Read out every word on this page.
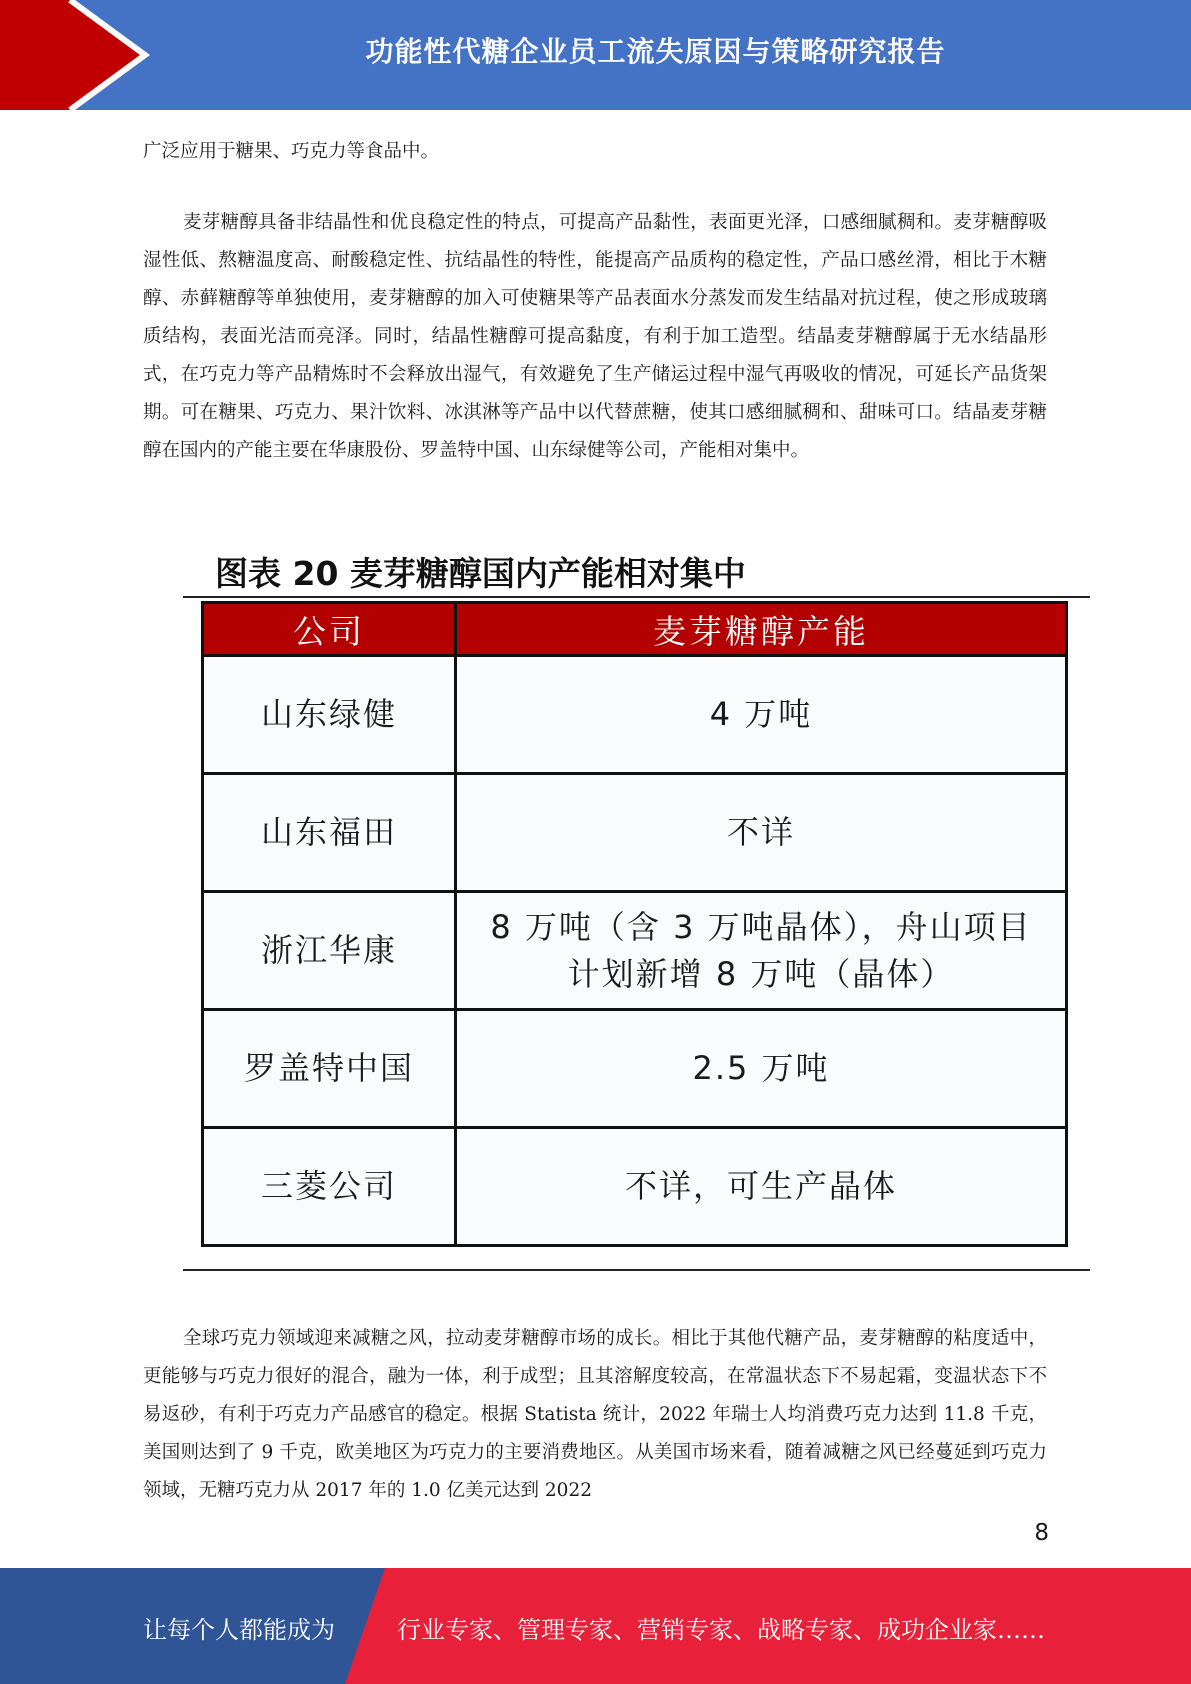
功能性代糖企业员工流失原因与策略研究报告

广泛应用于糖果、巧克力等食品中。

麦芽糖醇具备非结晶性和优良稳定性的特点，可提高产品黏性，表面更光泽，口感细腻稠和。麦芽糖醇吸湿性低、熬糖温度高、耐酸稳定性、抗结晶性的特性，能提高产品质构的稳定性，产品口感丝滑，相比于木糖醇、赤藓糖醇等单独使用，麦芽糖醇的加入可使糖果等产品表面水分蒸发而发生结晶对抗过程，使之形成玻璃质结构，表面光洁而亮泽。同时，结晶性糖醇可提高黏度，有利于加工造型。结晶麦芽糖醇属于无水结晶形式，在巧克力等产品精炼时不会释放出湿气，有效避免了生产储运过程中湿气再吸收的情况，可延长产品货架期。可在糖果、巧克力、果汁饮料、冰淇淋等产品中以代替蔗糖，使其口感细腻稠和、甜味可口。结晶麦芽糖醇在国内的产能主要在华康股份、罗盖特中国、山东绿健等公司，产能相对集中。

图表 20 麦芽糖醇国内产能相对集中
公司	麦芽糖醇产能
山东绿健	4 万吨
山东福田	不详
浙江华康	8 万吨（含 3 万吨晶体），舟山项目计划新增 8 万吨（晶体）
罗盖特中国	2.5 万吨
三菱公司	不详，可生产晶体

全球巧克力领域迎来减糖之风，拉动麦芽糖醇市场的成长。相比于其他代糖产品，麦芽糖醇的粘度适中，更能够与巧克力很好的混合，融为一体，利于成型；且其溶解度较高，在常温状态下不易起霜，变温状态下不易返砂，有利于巧克力产品感官的稳定。根据 Statista 统计，2022 年瑞士人均消费巧克力达到 11.8 千克，美国则达到了 9 千克，欧美地区为巧克力的主要消费地区。从美国市场来看，随着减糖之风已经蔓延到巧克力领域，无糖巧克力从 2017 年的 1.0 亿美元达到 2022

8
让每个人都能成为	行业专家、管理专家、营销专家、战略专家、成功企业家……
